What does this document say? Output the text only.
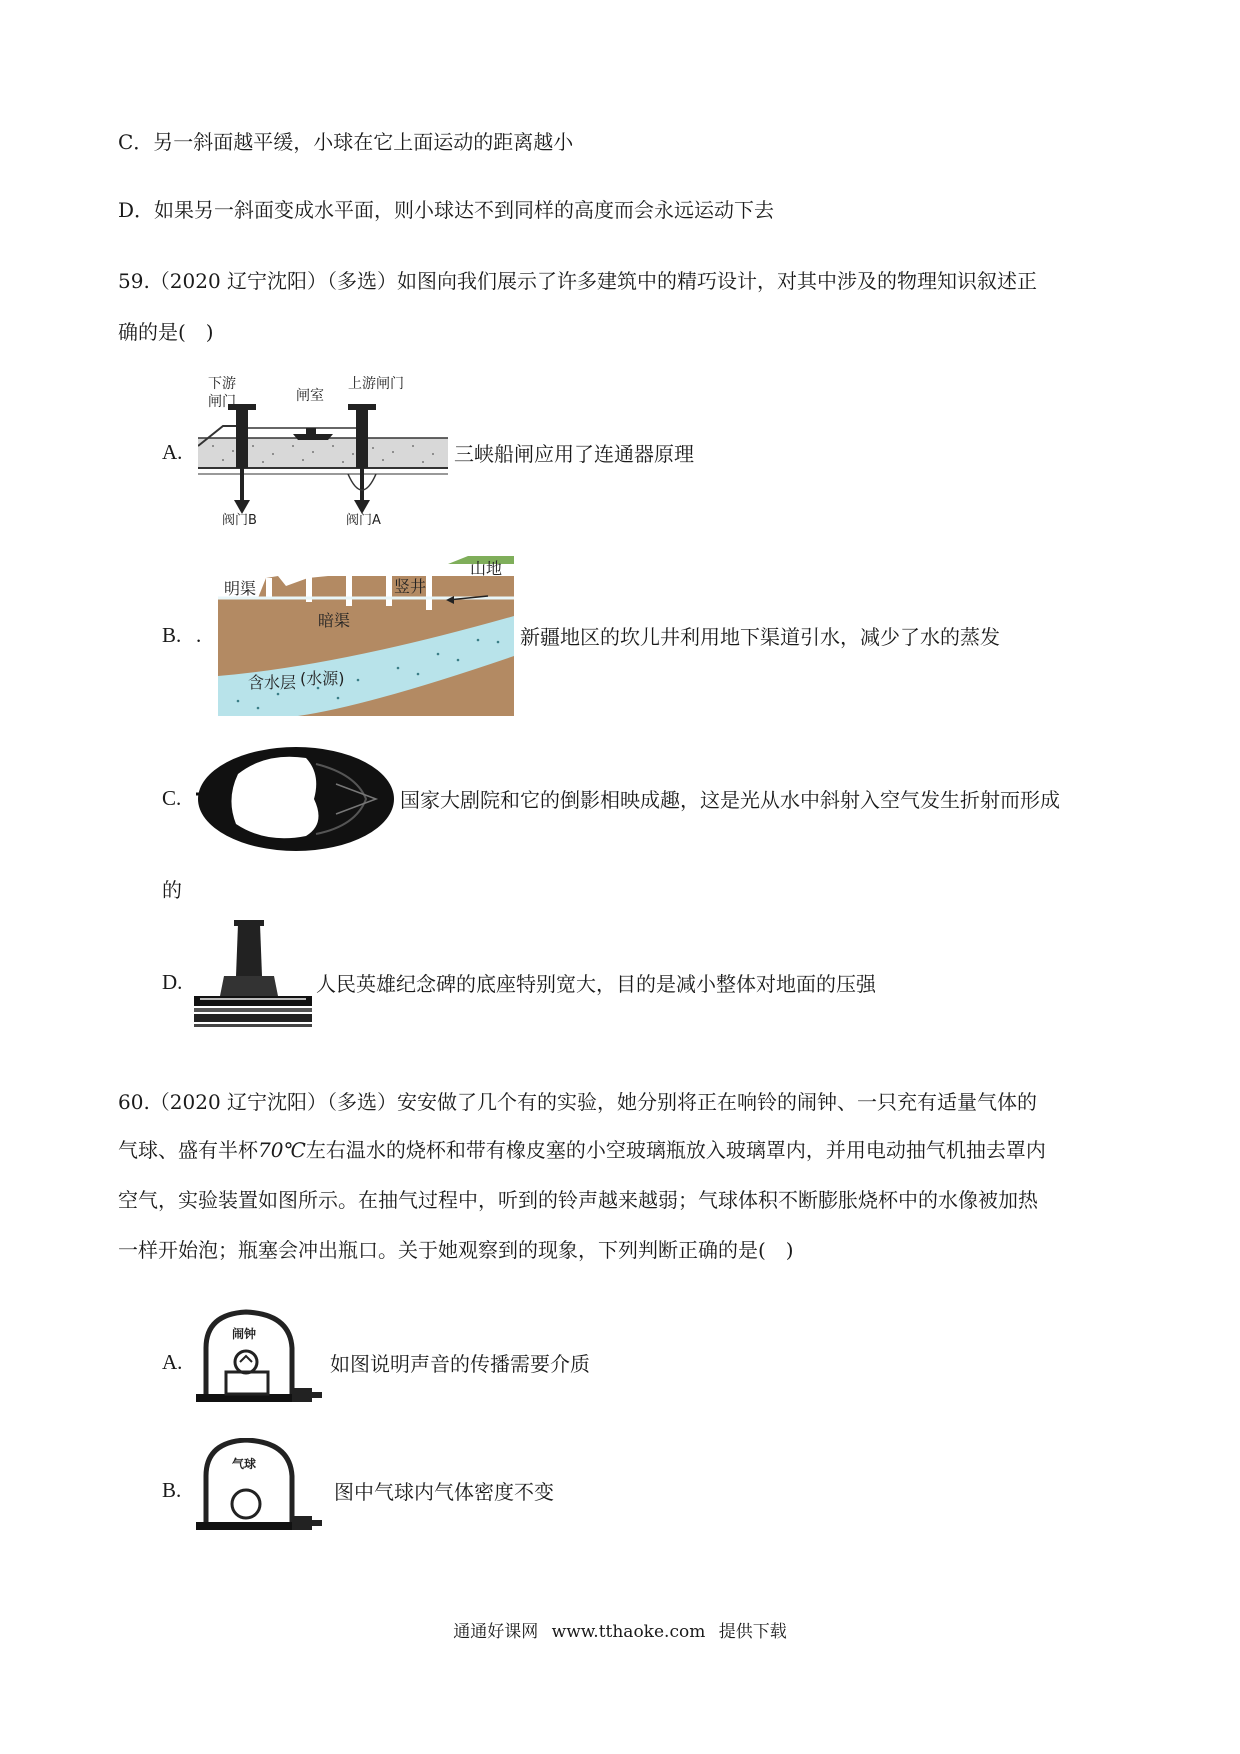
C．另一斜面越平缓，小球在它上面运动的距离越小
D．如果另一斜面变成水平面，则小球达不到同样的高度而会永远运动下去
59.（2020 辽宁沈阳）（多选）如图向我们展示了许多建筑中的精巧设计，对其中涉及的物理知识叙述正
确的是(　)
A.
下游
闸门	闸室
上游闸门
阀门B	阀门A
三峡船闸应用了连通器原理
B. .
明渠	竖井
山地
暗渠
含水层 (水源)
新疆地区的坎儿井利用地下渠道引水，减少了水的蒸发
C.	国家大剧院和它的倒影相映成趣，这是光从水中斜射入空气发生折射而形成
的
D.	人民英雄纪念碑的底座特别宽大，目的是减小整体对地面的压强
60.（2020 辽宁沈阳）（多选）安安做了几个有的实验，她分别将正在响铃的闹钟、一只充有适量气体的
气球、盛有半杯70℃左右温水的烧杯和带有橡皮塞的小空玻璃瓶放入玻璃罩内，并用电动抽气机抽去罩内
空气，实验装置如图所示。在抽气过程中，听到的铃声越来越弱；气球体积不断膨胀烧杯中的水像被加热
一样开始泡；瓶塞会冲出瓶口。关于她观察到的现象，下列判断正确的是(　)
A.
闹钟
如图说明声音的传播需要介质
B.
气球
图中气球内气体密度不变
通通好课网 www.tthaoke.com 提供下载
